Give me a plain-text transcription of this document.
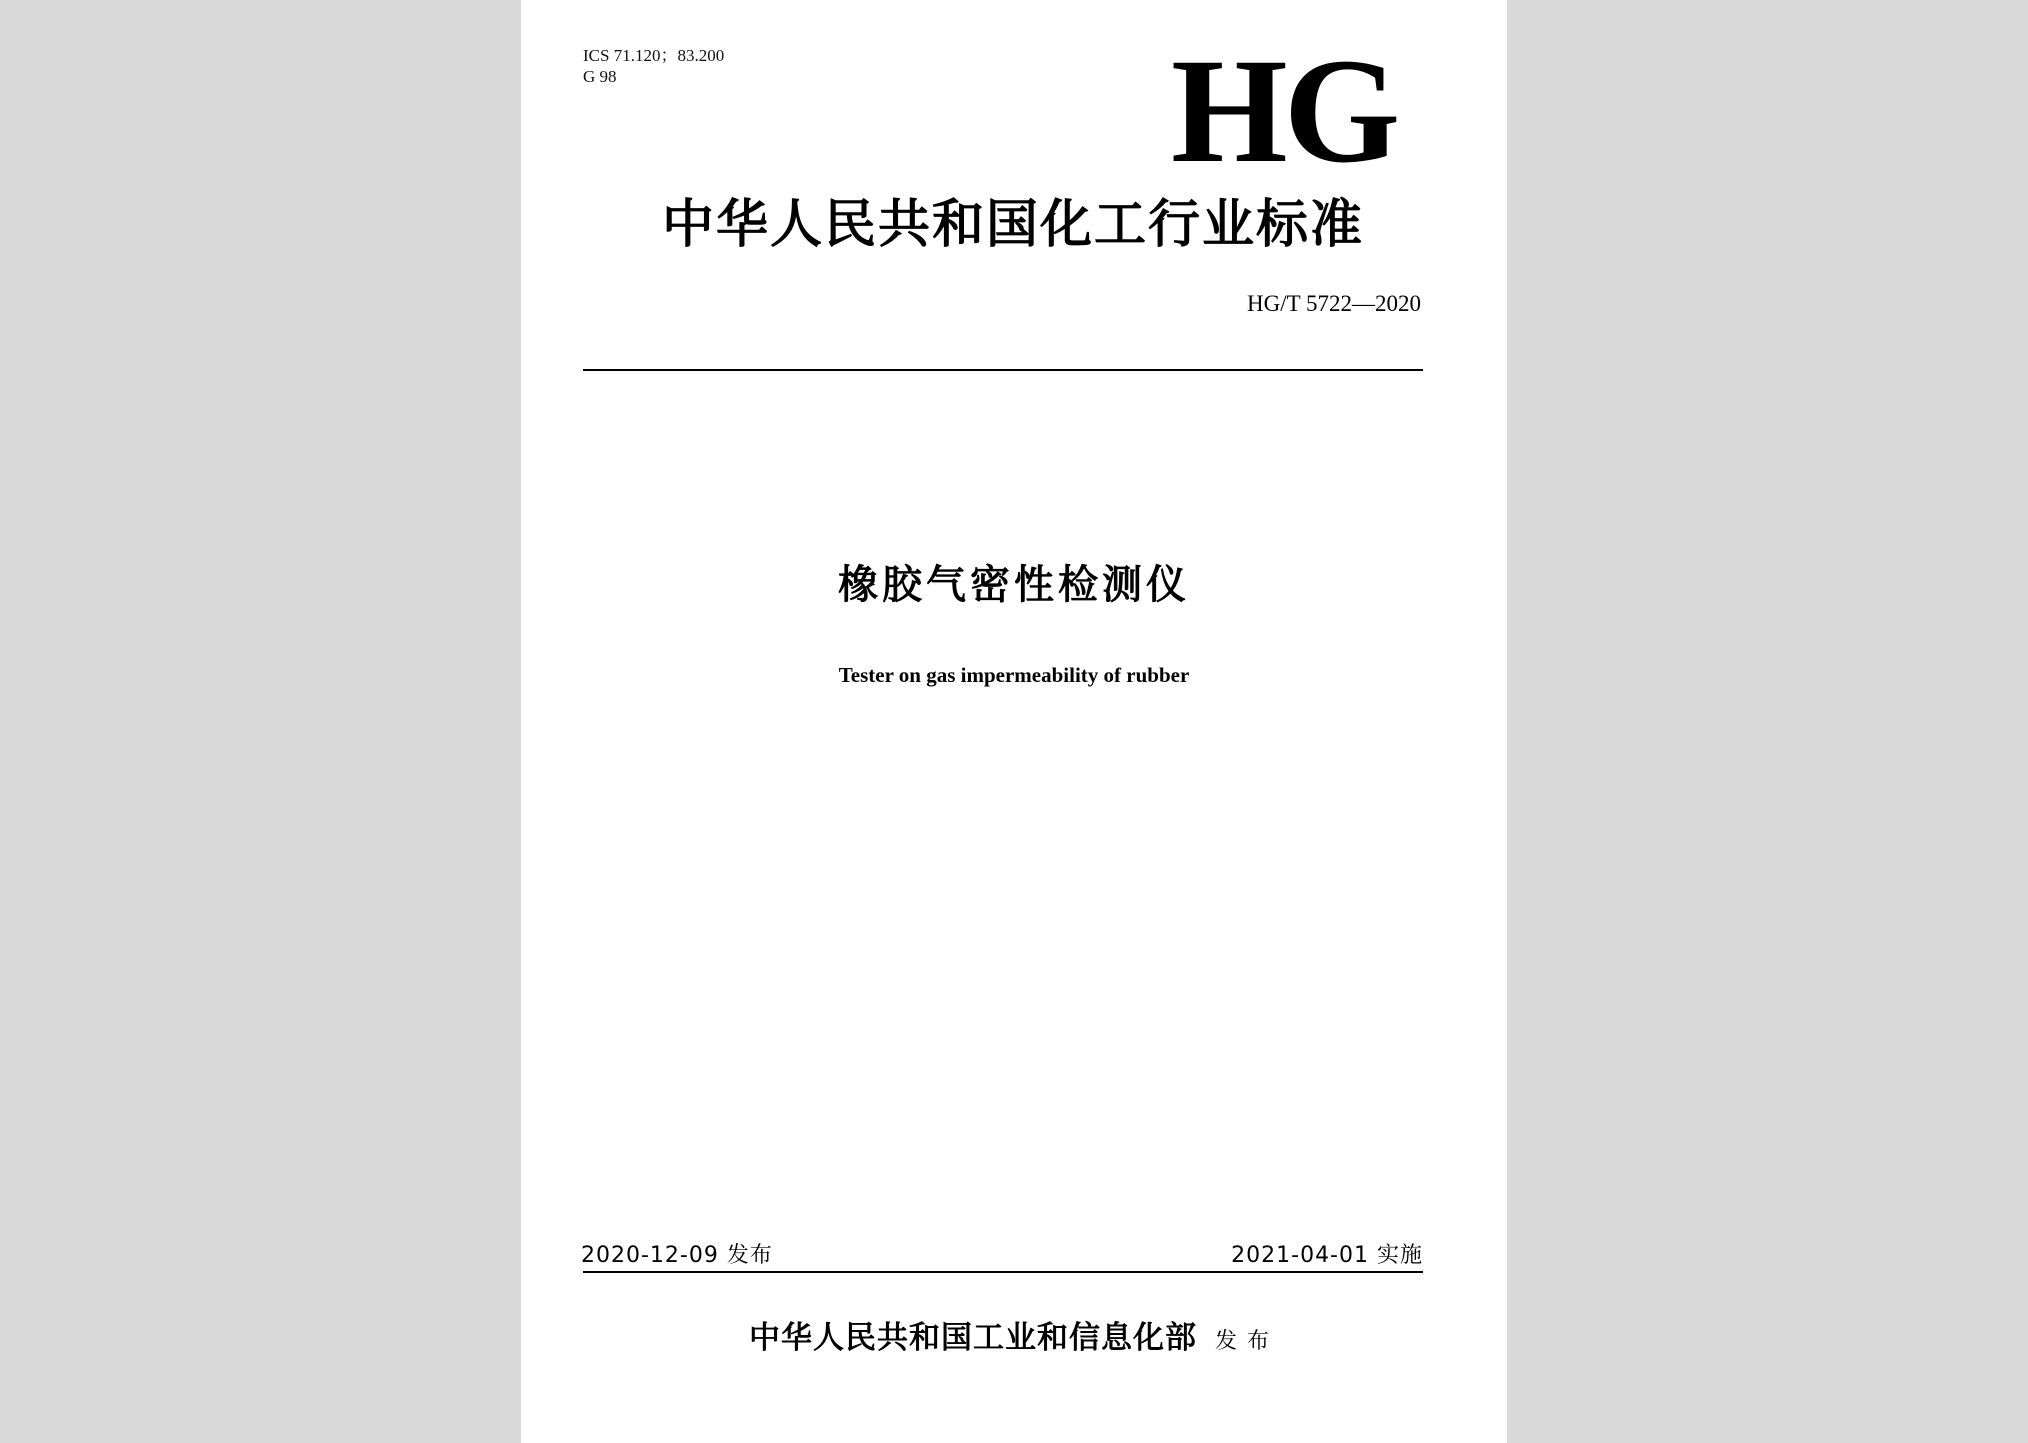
ICS 71.120；83.200

G 98	HG
中华人民共和国化工行业标准
HG/T 5722—2020
橡胶气密性检测仪
Tester on gas impermeability of rubber
2020-12-09 发布	2021-04-01 实施
中华人民共和国工业和信息化部 发布
